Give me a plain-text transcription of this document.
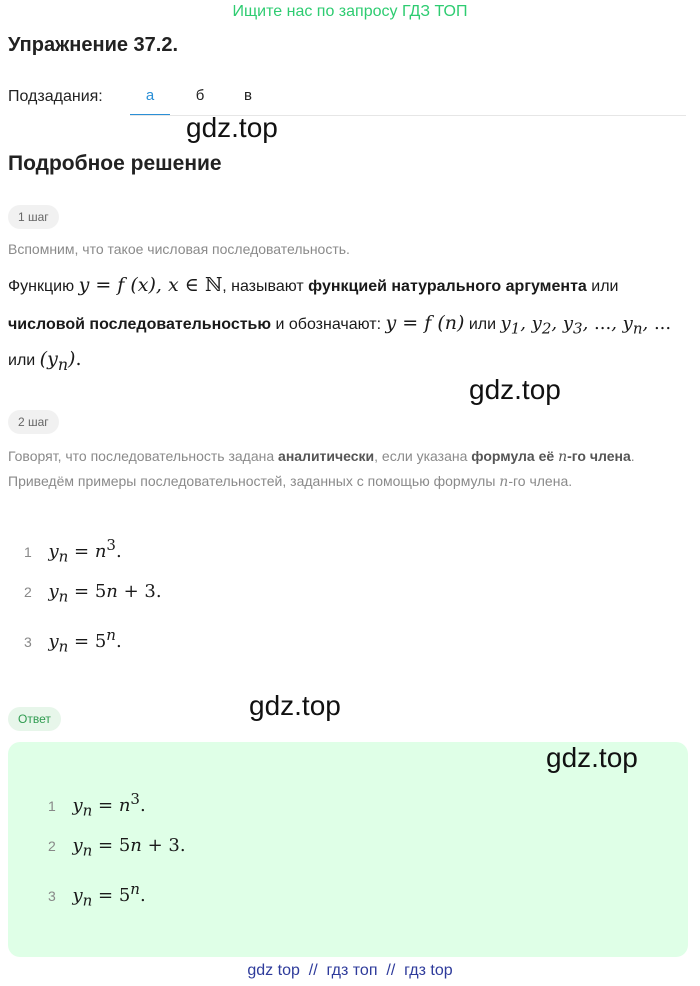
Ищите нас по запросу ГДЗ ТОП
Упражнение 37.2.
Подзадания:	а	б	в
gdz.top
Подробное решение
1 шаг
Вспомним, что такое числовая последовательность.
Функцию y = f (x), x ∈ ℕ, называют функцией натурального аргумента или
числовой последовательностью и обозначают: y = f (n) или $y_1$, $y_2$, $y_3$, ..., $y_n$, ...
или $(y_n)$.
gdz.top
2 шаг
Говорят, что последовательность задана аналитически, если указана формула её n-го члена. Приведём примеры последовательностей, заданных с помощью формулы n-го члена.
1 $y_n = n^3$.
2 $y_n = 5n + 3$.
3 $y_n = 5^n$.
gdz.top
Ответ
gdz.top
1 $y_n = n^3$.
2 $y_n = 5n + 3$.
3 $y_n = 5^n$.
gdz top  //  гдз топ  //  гдз top
